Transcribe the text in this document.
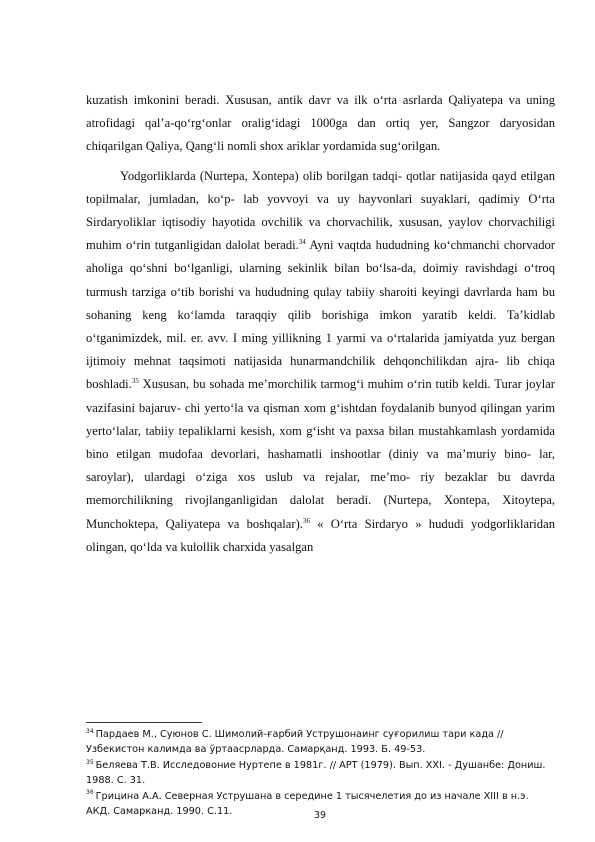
kuzatish imkonini beradi. Xususan, antik davr va ilk o‘rta asrlarda Qaliyatepa va uning atrofidagi qal’a-qo‘rg‘onlar oralig‘idagi 1000ga dan ortiq yer, Sangzor daryosidan chiqarilgan Qaliya, Qang‘li nomli shox ariklar yordamida sug‘orilgan.

Yodgorliklarda (Nurtepa, Xontepa) olib borilgan tadqi- qotlar natijasida qayd etilgan topilmalar, jumladan, ko‘p- lab yovvoyi va uy hayvonlari suyaklari, qadimiy O‘rta Sirdaryoliklar iqtisodiy hayotida ovchilik va chorvachilik, xususan, yaylov chorvachiligi muhim o‘rin tutganligidan dalolat beradi.$^{34}$ Ayni vaqtda hududning ko‘chmanchi chorvador aholiga qo‘shni bo‘lganligi, ularning sekinlik bilan bo‘lsa-da, doimiy ravishdagi o‘troq turmush tarziga o‘tib borishi va hududning qulay tabiiy sharoiti keyingi davrlarda ham bu sohaning keng ko‘lamda taraqqiy qilib borishiga imkon yaratib keldi. Ta’kidlab o‘tganimizdek, mil. er. avv. I ming yillikning 1 yarmi va o‘rtalarida jamiyatda yuz bergan ijtimoiy mehnat taqsimoti natijasida hunarmandchilik dehqonchilikdan ajra- lib chiqa boshladi.$^{35}$ Xususan, bu sohada me’morchilik tarmog‘i muhim o‘rin tutib keldi. Turar joylar vazifasini bajaruv- chi yerto‘la va qisman xom g‘ishtdan foydalanib bunyod qilingan yarim yerto‘lalar, tabiiy tepaliklarni kesish, xom g‘isht va paxsa bilan mustahkamlash yordamida bino etilgan mudofaa devorlari, hashamatli inshootlar (diniy va ma’muriy bino- lar, saroylar), ulardagi o‘ziga xos uslub va rejalar, me’mo- riy bezaklar bu davrda memorchilikning rivojlanganligidan dalolat beradi. (Nurtepa, Xontepa, Xitoytepa, Munchoktepa, Qaliyatepa va boshqalar).$^{36}$ « O‘rta Sirdaryo » hududi yodgorliklaridan olingan, qo‘lda va kulollik charxida yasalgan

$^{34}$ Пардаев М., Суюнов С. Шимолий-ғарбий Уструшонаинг суғорилиш тари када // Узбекистон калимда ва ўртаасрларда. Самарқанд. 1993. Б. 49-53.

$^{35}$ Беляева Т.В. Исследовоние Нуртепе в 1981г. // АРТ (1979). Вып. XXI. - Душанбе: Дониш. 1988. С. 31.

$^{36}$ Грицина А.А. Северная Уструшана в середине 1 тысячелетия до из начале XIII в н.э. АКД. Самарканд. 1990. С.11.	39
